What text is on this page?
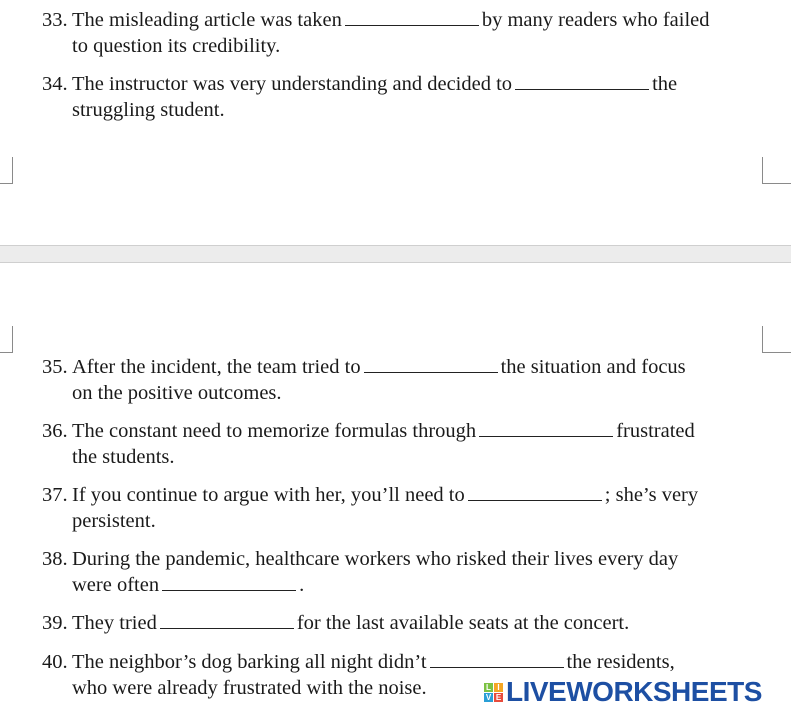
33. The misleading article was taken	by many readers who failed
to question its credibility.
34. The instructor was very understanding and decided to	the
struggling student.
35. After the incident, the team tried to	the situation and focus
on the positive outcomes.
36. The constant need to memorize formulas through	frustrated
the students.
37. If you continue to argue with her, you’ll need to	; she’s very
persistent.
38. During the pandemic, healthcare workers who risked their lives every day
were often	.
39. They tried	for the last available seats at the concert.
40. The neighbor’s dog barking all night didn’t	the residents,
who were already frustrated with the noise.	L I
V E LIVEWORKSHEETS
